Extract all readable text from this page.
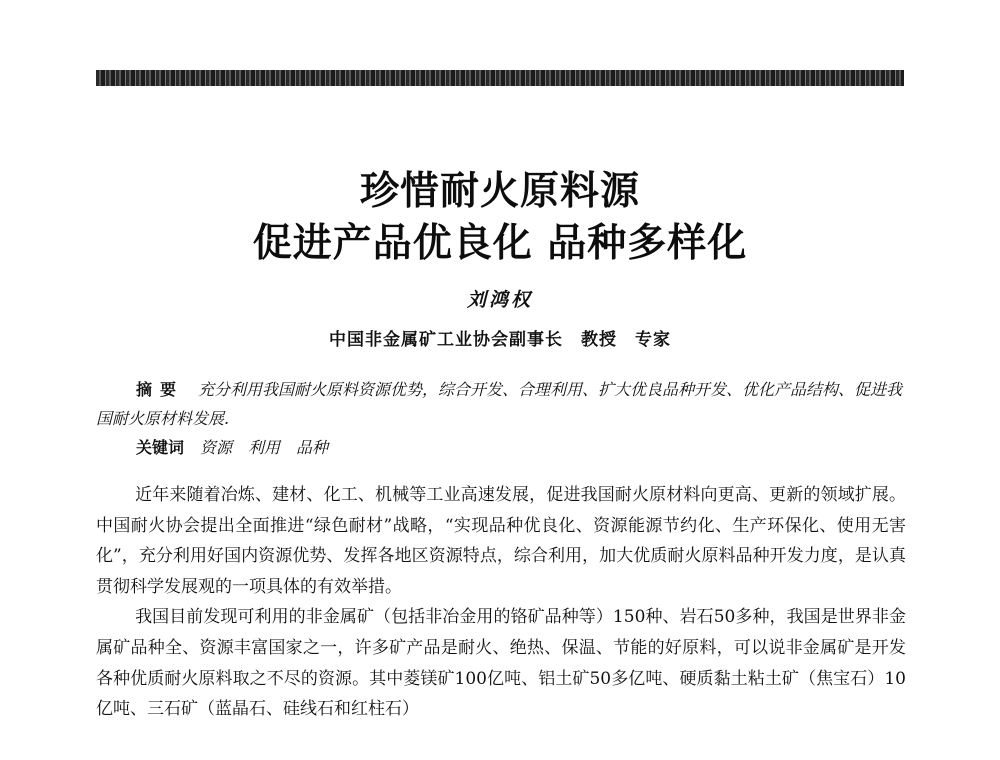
珍惜耐火原料源
促进产品优良化 品种多样化
刘鸿权
中国非金属矿工业协会副事长　教授　专家
摘要 充分利用我国耐火原料资源优势，综合开发、合理利用、扩大优良品种开发、优化产品结构、促进我国耐火原材料发展.
关键词 资源　利用　品种

近年来随着冶炼、建材、化工、机械等工业高速发展，促进我国耐火原材料向更高、更新的领域扩展。中国耐火协会提出全面推进“绿色耐材”战略，“实现品种优良化、资源能源节约化、生产环保化、使用无害化”，充分利用好国内资源优势、发挥各地区资源特点，综合利用，加大优质耐火原料品种开发力度，是认真贯彻科学发展观的一项具体的有效举措。

我国目前发现可利用的非金属矿（包括非冶金用的铬矿品种等）150种、岩石50多种，我国是世界非金属矿品种全、资源丰富国家之一，许多矿产品是耐火、绝热、保温、节能的好原料，可以说非金属矿是开发各种优质耐火原料取之不尽的资源。其中菱镁矿100亿吨、铝土矿50多亿吨、硬质黏土粘土矿（焦宝石）10亿吨、三石矿（蓝晶石、硅线石和红柱石）
